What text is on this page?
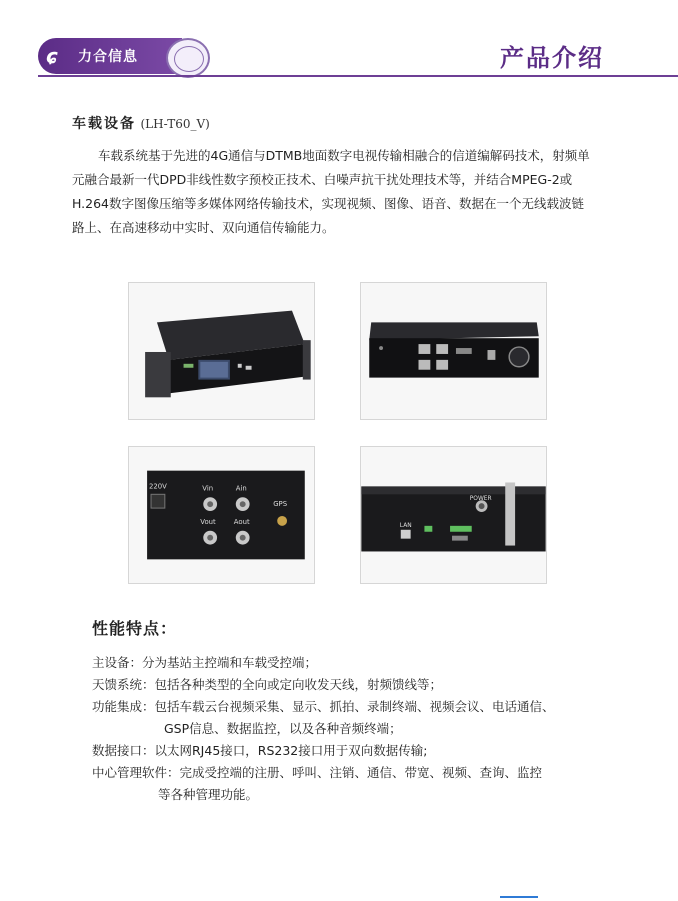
ɕ	力合信息	产品介绍
车载设备 (LH-T60_V)

车载系统基于先进的4G通信与DTMB地面数字电视传输相融合的信道编解码技术，射频单元融合最新一代DPD非线性数字预校正技术、白噪声抗干扰处理技术等，并结合MPEG-2或H.264数字图像压缩等多媒体网络传输技术，实现视频、图像、语音、数据在一个无线载波链路上、在高速移动中实时、双向通信传输能力。

220V	Vin	Ain
GPS
Vout	Aout
POWER
LAN
性能特点：
主设备：分为基站主控端和车载受控端；
天馈系统：包括各种类型的全向或定向收发天线，射频馈线等；
功能集成：包括车载云台视频采集、显示、抓拍、录制终端、视频会议、电话通信、
GSP信息、数据监控，以及各种音频终端；
数据接口：以太网RJ45接口，RS232接口用于双向数据传输;
中心管理软件：完成受控端的注册、呼叫、注销、通信、带宽、视频、查询、监控
等各种管理功能。
